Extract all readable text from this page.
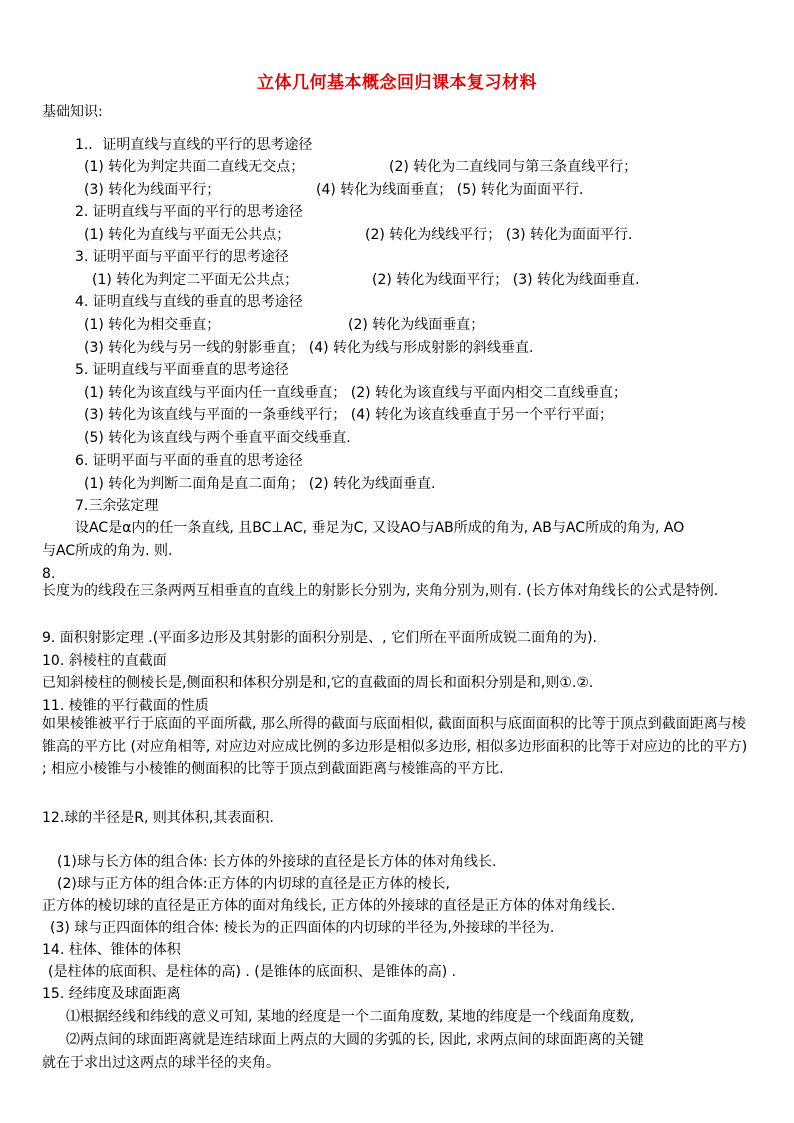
立体几何基本概念回归课本复习材料
基础知识:
1.．证明直线与直线的平行的思考途径
(1) 转化为判定共面二直线无交点；	(2) 转化为二直线同与第三条直线平行；
(3) 转化为线面平行；	(4) 转化为线面垂直； (5) 转化为面面平行.
2. 证明直线与平面的平行的思考途径
(1) 转化为直线与平面无公共点；	(2) 转化为线线平行； (3) 转化为面面平行.
3. 证明平面与平面平行的思考途径
(1) 转化为判定二平面无公共点；	(2) 转化为线面平行； (3) 转化为线面垂直.
4. 证明直线与直线的垂直的思考途径
(1) 转化为相交垂直；	(2) 转化为线面垂直；
(3) 转化为线与另一线的射影垂直； (4) 转化为线与形成射影的斜线垂直.
5. 证明直线与平面垂直的思考途径
(1) 转化为该直线与平面内任一直线垂直； (2) 转化为该直线与平面内相交二直线垂直；
(3) 转化为该直线与平面的一条垂线平行； (4) 转化为该直线垂直于另一个平行平面；
(5) 转化为该直线与两个垂直平面交线垂直.
6. 证明平面与平面的垂直的思考途径
(1) 转化为判断二面角是直二面角； (2) 转化为线面垂直.
7.三余弦定理
设AC是α内的任一条直线, 且BC⊥AC, 垂足为C, 又设AO与AB所成的角为, AB与AC所成的角为, AO
与AC所成的角为. 则.
8.
长度为的线段在三条两两互相垂直的直线上的射影长分别为, 夹角分别为,则有. (长方体对角线长的公式是特例.
9. 面积射影定理 .(平面多边形及其射影的面积分别是、, 它们所在平面所成锐二面角的为).
10. 斜棱柱的直截面
已知斜棱柱的侧棱长是,侧面积和体积分别是和,它的直截面的周长和面积分别是和,则①.②.
11. 棱锥的平行截面的性质
如果棱锥被平行于底面的平面所截, 那么所得的截面与底面相似, 截面面积与底面面积的比等于顶点到截面距离与棱锥高的平方比 (对应角相等, 对应边对应成比例的多边形是相似多边形, 相似多边形面积的比等于对应边的比的平方) ; 相应小棱锥与小棱锥的侧面积的比等于顶点到截面距离与棱锥高的平方比.
12.球的半径是R, 则其体积,其表面积.
(1)球与长方体的组合体: 长方体的外接球的直径是长方体的体对角线长.
(2)球与正方体的组合体:正方体的内切球的直径是正方体的棱长,
正方体的棱切球的直径是正方体的面对角线长, 正方体的外接球的直径是正方体的体对角线长.
(3) 球与正四面体的组合体: 棱长为的正四面体的内切球的半径为,外接球的半径为.
14. 柱体、锥体的体积
(是柱体的底面积、是柱体的高) . (是锥体的底面积、是锥体的高) .
15. 经纬度及球面距离
⑴根据经线和纬线的意义可知, 某地的经度是一个二面角度数, 某地的纬度是一个线面角度数,
⑵两点间的球面距离就是连结球面上两点的大圆的劣弧的长, 因此, 求两点间的球面距离的关键
就在于求出过这两点的球半径的夹角。
